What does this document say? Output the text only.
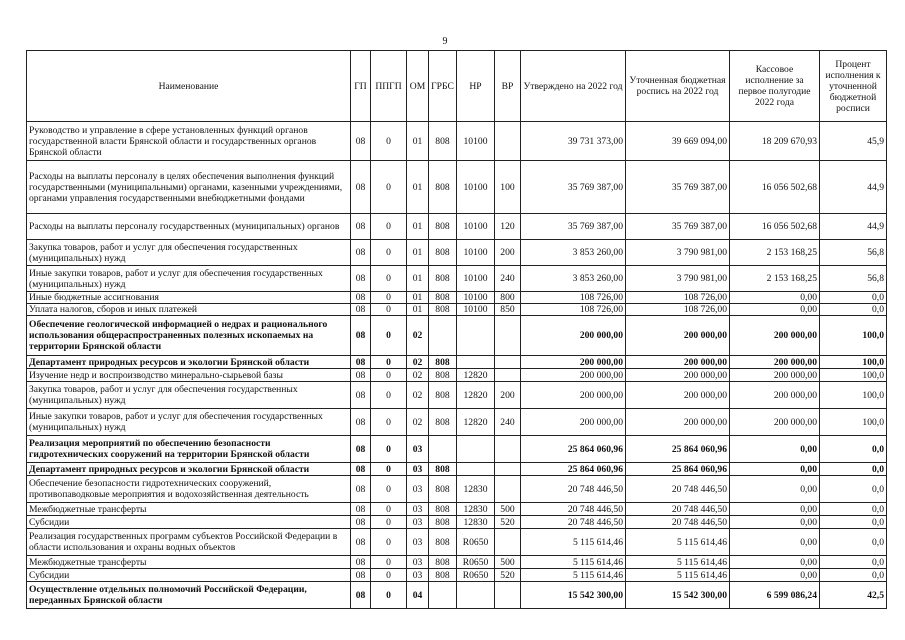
9
Наименование	ГП	ППГП	ОМ	ГРБС	НР	ВР	Утверждено на 2022 год	Уточненная бюджетная роспись на 2022 год	Кассовое исполнение за первое полугодие 2022 года	Процент исполнения к уточненной бюджетной росписи
Руководство и управление в сфере установленных функций органов государственной власти Брянской области и государственных органов Брянской области	08	0	01	808	10100		39 731 373,00	39 669 094,00	18 209 670,93	45,9
Расходы на выплаты персоналу в целях обеспечения выполнения функций государственными (муниципальными) органами, казенными учреждениями, органами управления государственными внебюджетными фондами	08	0	01	808	10100	100	35 769 387,00	35 769 387,00	16 056 502,68	44,9
Расходы на выплаты персоналу государственных (муниципальных) органов	08	0	01	808	10100	120	35 769 387,00	35 769 387,00	16 056 502,68	44,9
Закупка товаров, работ и услуг для обеспечения государственных (муниципальных) нужд	08	0	01	808	10100	200	3 853 260,00	3 790 981,00	2 153 168,25	56,8
Иные закупки товаров, работ и услуг для обеспечения государственных (муниципальных) нужд	08	0	01	808	10100	240	3 853 260,00	3 790 981,00	2 153 168,25	56,8
Иные бюджетные ассигнования	08	0	01	808	10100	800	108 726,00	108 726,00	0,00	0,0
Уплата налогов, сборов и иных платежей	08	0	01	808	10100	850	108 726,00	108 726,00	0,00	0,0
Обеспечение геологической информацией о недрах и рационального использования общераспространенных полезных ископаемых на территории Брянской области	08	0	02				200 000,00	200 000,00	200 000,00	100,0
Департамент природных ресурсов и экологии Брянской области	08	0	02	808			200 000,00	200 000,00	200 000,00	100,0
Изучение недр и воспроизводство минерально-сырьевой базы	08	0	02	808	12820		200 000,00	200 000,00	200 000,00	100,0
Закупка товаров, работ и услуг для обеспечения государственных (муниципальных) нужд	08	0	02	808	12820	200	200 000,00	200 000,00	200 000,00	100,0
Иные закупки товаров, работ и услуг для обеспечения государственных (муниципальных) нужд	08	0	02	808	12820	240	200 000,00	200 000,00	200 000,00	100,0
Реализация мероприятий по обеспечению безопасности гидротехнических сооружений на территории Брянской области	08	0	03				25 864 060,96	25 864 060,96	0,00	0,0
Департамент природных ресурсов и экологии Брянской области	08	0	03	808			25 864 060,96	25 864 060,96	0,00	0,0
Обеспечение безопасности гидротехнических сооружений, противопаводковые мероприятия и водохозяйственная деятельность	08	0	03	808	12830		20 748 446,50	20 748 446,50	0,00	0,0
Межбюджетные трансферты	08	0	03	808	12830	500	20 748 446,50	20 748 446,50	0,00	0,0
Субсидии	08	0	03	808	12830	520	20 748 446,50	20 748 446,50	0,00	0,0
Реализация государственных программ субъектов Российской Федерации в области использования и охраны водных объектов	08	0	03	808	R0650		5 115 614,46	5 115 614,46	0,00	0,0
Межбюджетные трансферты	08	0	03	808	R0650	500	5 115 614,46	5 115 614,46	0,00	0,0
Субсидии	08	0	03	808	R0650	520	5 115 614,46	5 115 614,46	0,00	0,0
Осуществление отдельных полномочий Российской Федерации, переданных Брянской области	08	0	04				15 542 300,00	15 542 300,00	6 599 086,24	42,5
